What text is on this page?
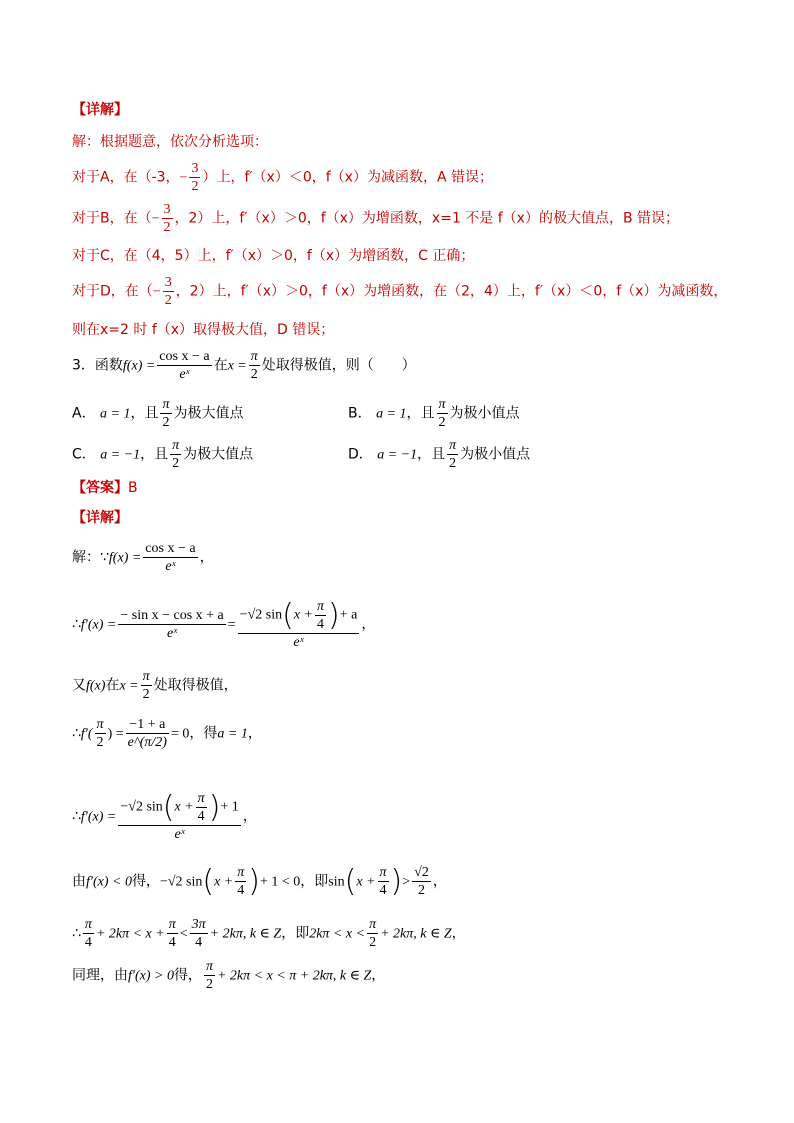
【详解】
解：根据题意，依次分析选项：
对于A，在（-3，− $\frac{3}{2}$ ）上，f′（x）＜0，f（x）为减函数，A 错误；
对于B，在（− $\frac{3}{2}$ ，2）上，f′（x）＞0，f（x）为增函数，x=1 不是 f（x）的极大值点，B 错误；
对于C，在（4，5）上，f′（x）＞0，f（x）为增函数，C 正确；
对于D，在（− $\frac{3}{2}$ ，2）上，f′（x）＞0，f（x）为增函数，在（2，4）上，f′（x）＜0，f（x）为减函数，
则在x=2 时 f（x）取得极大值，D 错误；
3．函数$f(x) = \frac{\text{cos x − a}}{\text{eˣ}}$ 在$x = \frac{\pi}{2}$ 处取得极值，则（　　）
A． a = 1，且 $\frac{\pi}{2}$ 为极大值点	B． a = 1，且 $\frac{\pi}{2}$ 为极小值点
C． a = −1，且 $\frac{\pi}{2}$ 为极大值点	D． a = −1，且 $\frac{\pi}{2}$ 为极小值点
【答案】B
【详解】
解：∵f(x) = $\frac{\text{cos x − a}}{\text{eˣ}}$ ，
∴f′(x) = $\frac{\text{− sin x − cos x + a}}{\text{eˣ}} = \frac{-√2 \sin(x + \frac{\pi}{4} )+ a}{\text{eˣ}}$ ，
又f(x)在$x = \frac{\pi}{2}$ 处取得极值，
∴f′( $\frac{\pi}{2}$ ) = $\frac{-1 + a}{e\^{}(\pi/2)} = 0$，得a = 1，
∴f′(x) = $\frac{-√2 \sin(x + \frac{\pi}{4} )+ 1}{\text{eˣ}}$ ，
由f′(x) < 0得，−√2 $\sin(x + \frac{\pi}{4}$ )+ 1 < 0，即$\sin(x + \frac{\pi}{4}$ )> $\frac{√2}{2}$ ，
∴ $\frac{\pi}{4} + 2k\pi < x + \frac{\pi}{4} < \frac{3\pi}{4} + 2k\pi$, k ∈ Z，即$2k\pi < x < \frac{\pi}{2} + 2k\pi$, k ∈ Z，
同理，由f′(x) > 0得， $\frac{\pi}{2} + 2k\pi < x < \pi + 2k\pi$, k ∈ Z，
